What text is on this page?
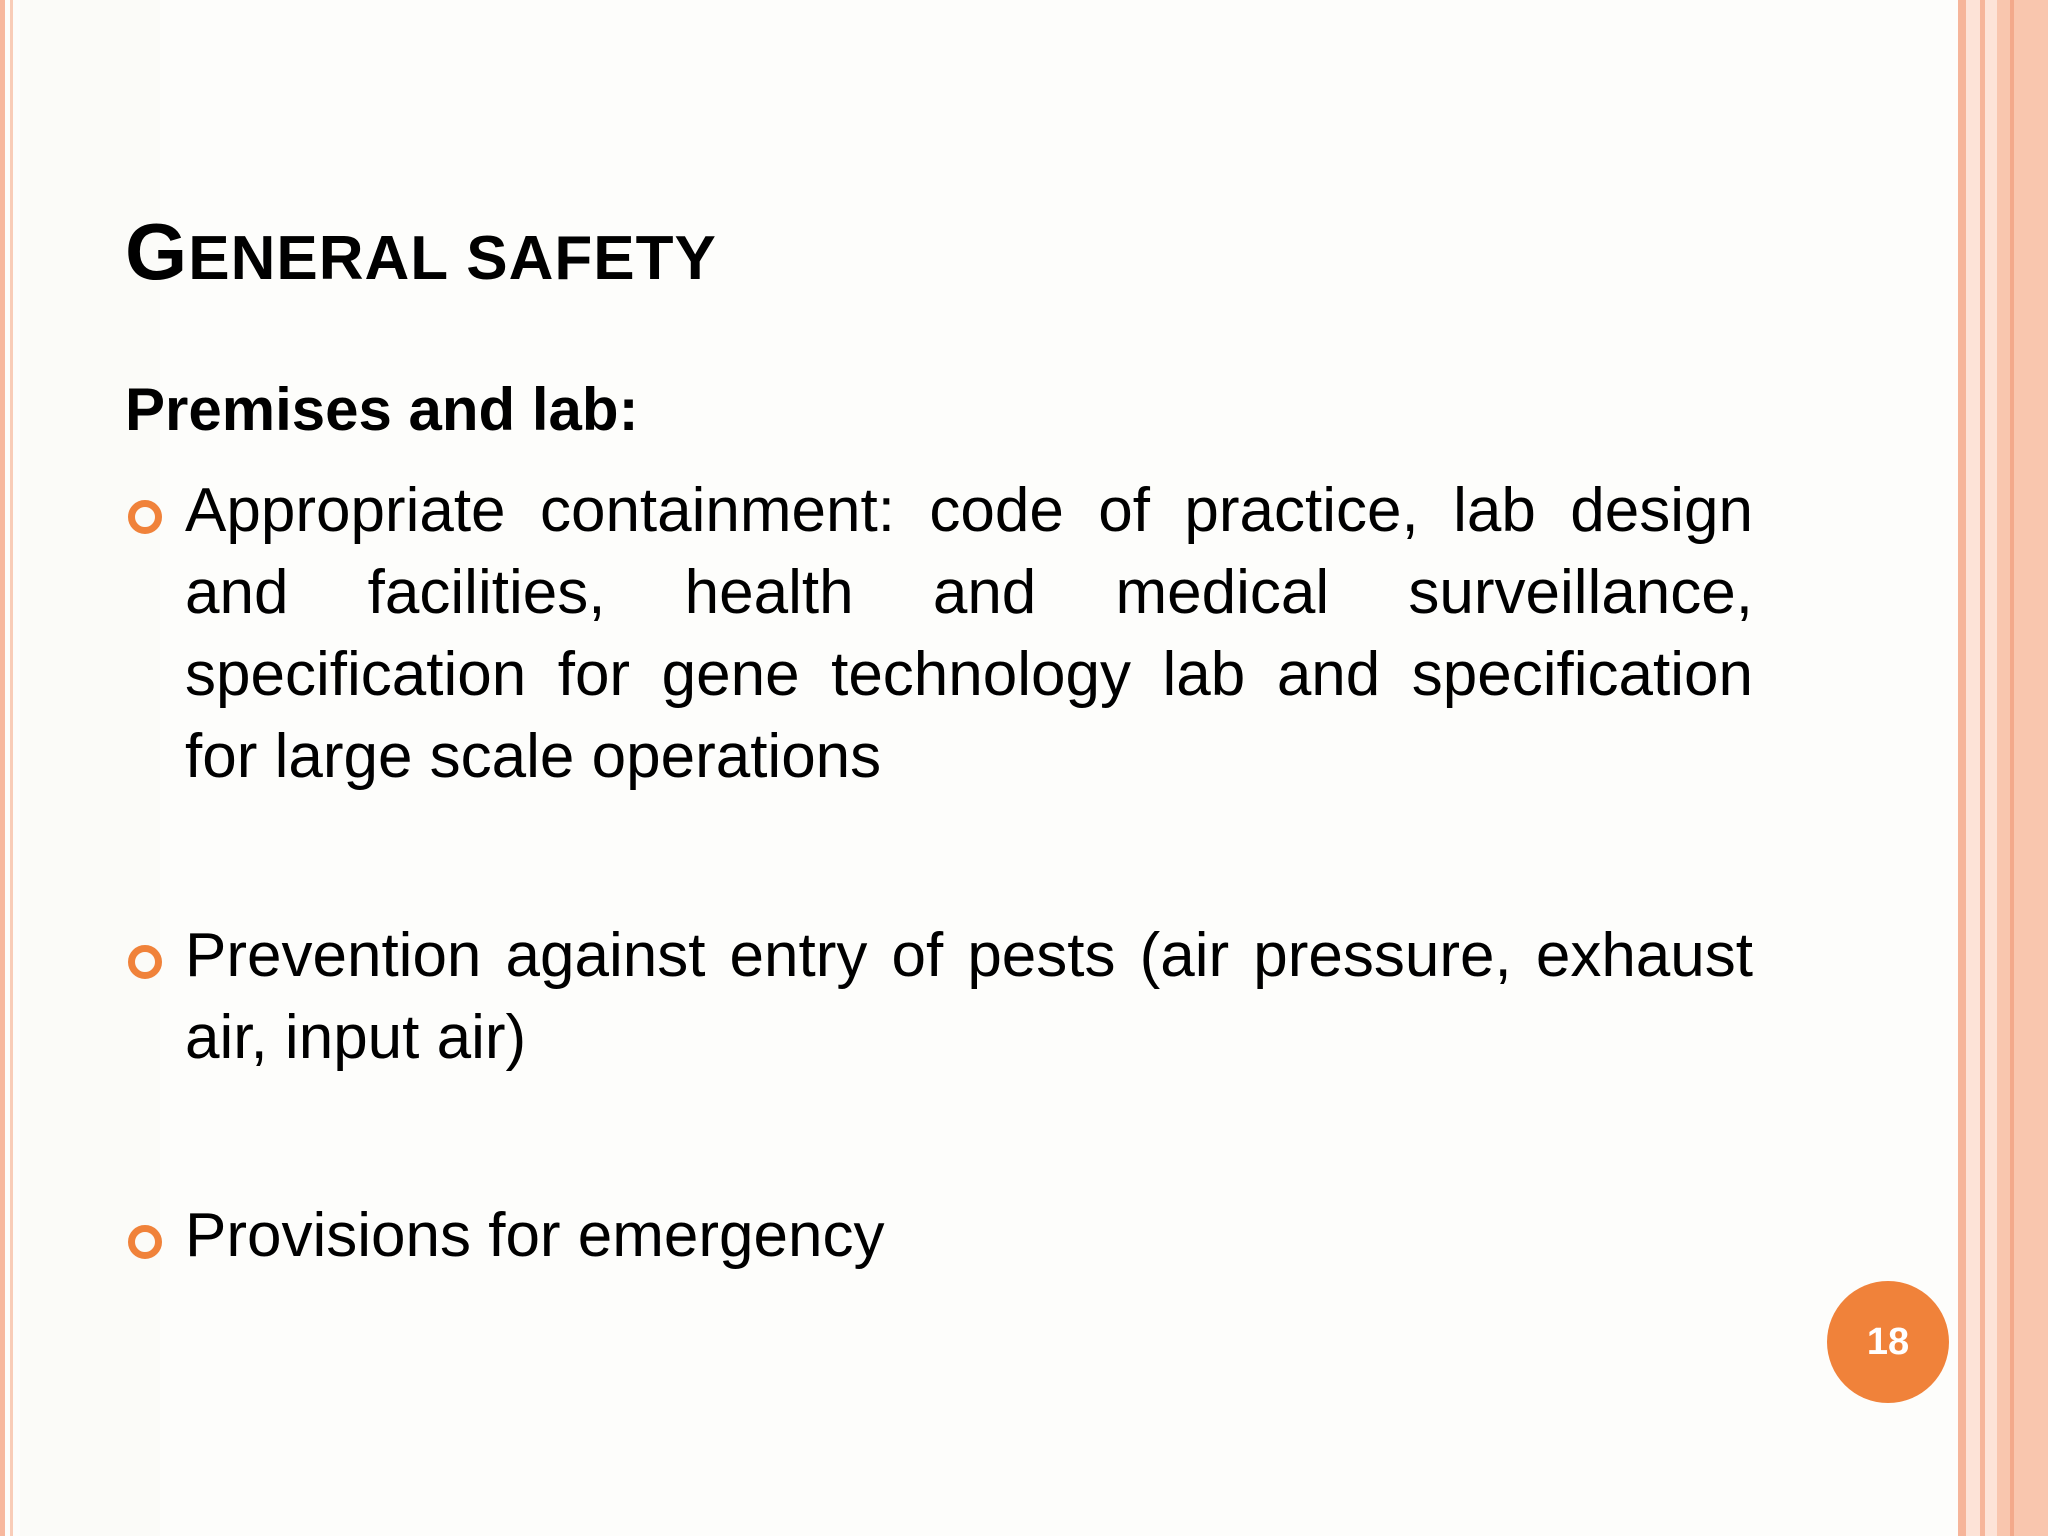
GENERAL SAFETY
Premises and lab:
Appropriate containment: code of practice, lab design and facilities, health and medical surveillance, specification for gene technology lab and specification for large scale operations
Prevention against entry of pests (air pressure, exhaust air, input air)
Provisions for emergency
18
